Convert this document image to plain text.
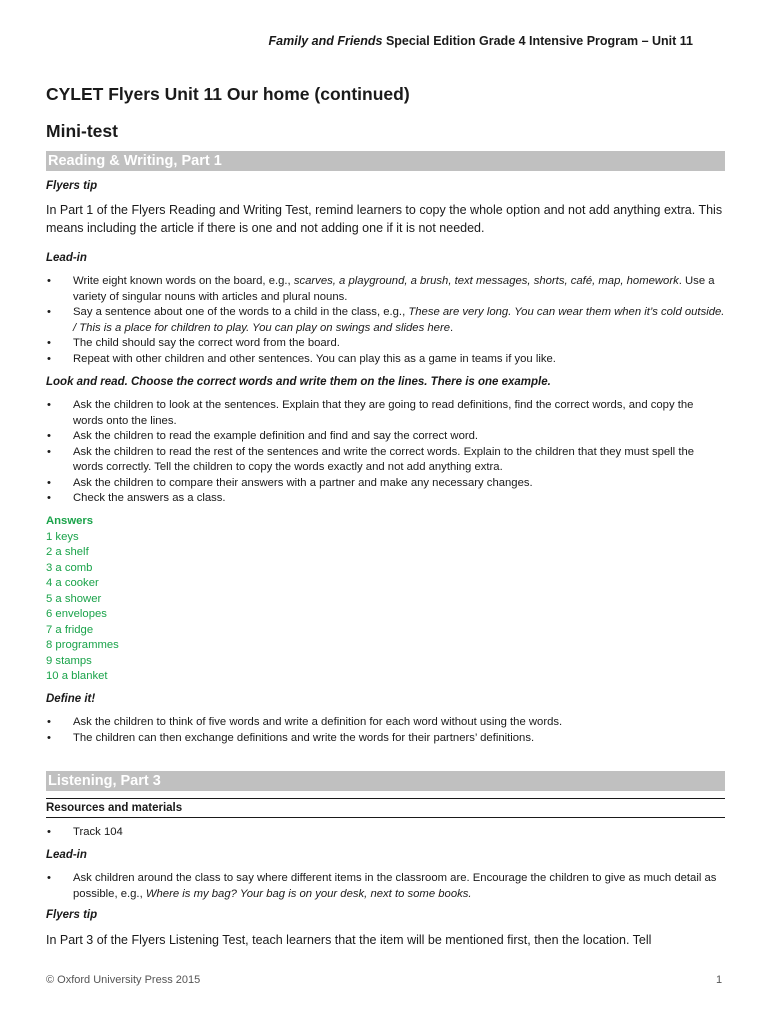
Family and Friends Special Edition Grade 4 Intensive Program – Unit 11
CYLET Flyers Unit 11 Our home (continued)
Mini-test
Reading & Writing, Part 1
Flyers tip
In Part 1 of the Flyers Reading and Writing Test, remind learners to copy the whole option and not add anything extra. This means including the article if there is one and not adding one if it is not needed.
Lead-in
• Write eight known words on the board, e.g., scarves, a playground, a brush, text messages, shorts, café, map, homework. Use a variety of singular nouns with articles and plural nouns.
• Say a sentence about one of the words to a child in the class, e.g., These are very long. You can wear them when it’s cold outside. / This is a place for children to play. You can play on swings and slides here.
• The child should say the correct word from the board.
• Repeat with other children and other sentences. You can play this as a game in teams if you like.
Look and read. Choose the correct words and write them on the lines. There is one example.
• Ask the children to look at the sentences. Explain that they are going to read definitions, find the correct words, and copy the words onto the lines.
• Ask the children to read the example definition and find and say the correct word.
• Ask the children to read the rest of the sentences and write the correct words. Explain to the children that they must spell the words correctly. Tell the children to copy the words exactly and not add anything extra.
• Ask the children to compare their answers with a partner and make any necessary changes.
• Check the answers as a class.
Answers
1 keys
2 a shelf
3 a comb
4 a cooker
5 a shower
6 envelopes
7 a fridge
8 programmes
9 stamps
10 a blanket
Define it!
• Ask the children to think of five words and write a definition for each word without using the words.
• The children can then exchange definitions and write the words for their partners’ definitions.
Listening, Part 3
Resources and materials
• Track 104
Lead-in
• Ask children around the class to say where different items in the classroom are. Encourage the children to give as much detail as possible, e.g., Where is my bag? Your bag is on your desk, next to some books.
Flyers tip
In Part 3 of the Flyers Listening Test, teach learners that the item will be mentioned first, then the location. Tell
© Oxford University Press 2015	1
